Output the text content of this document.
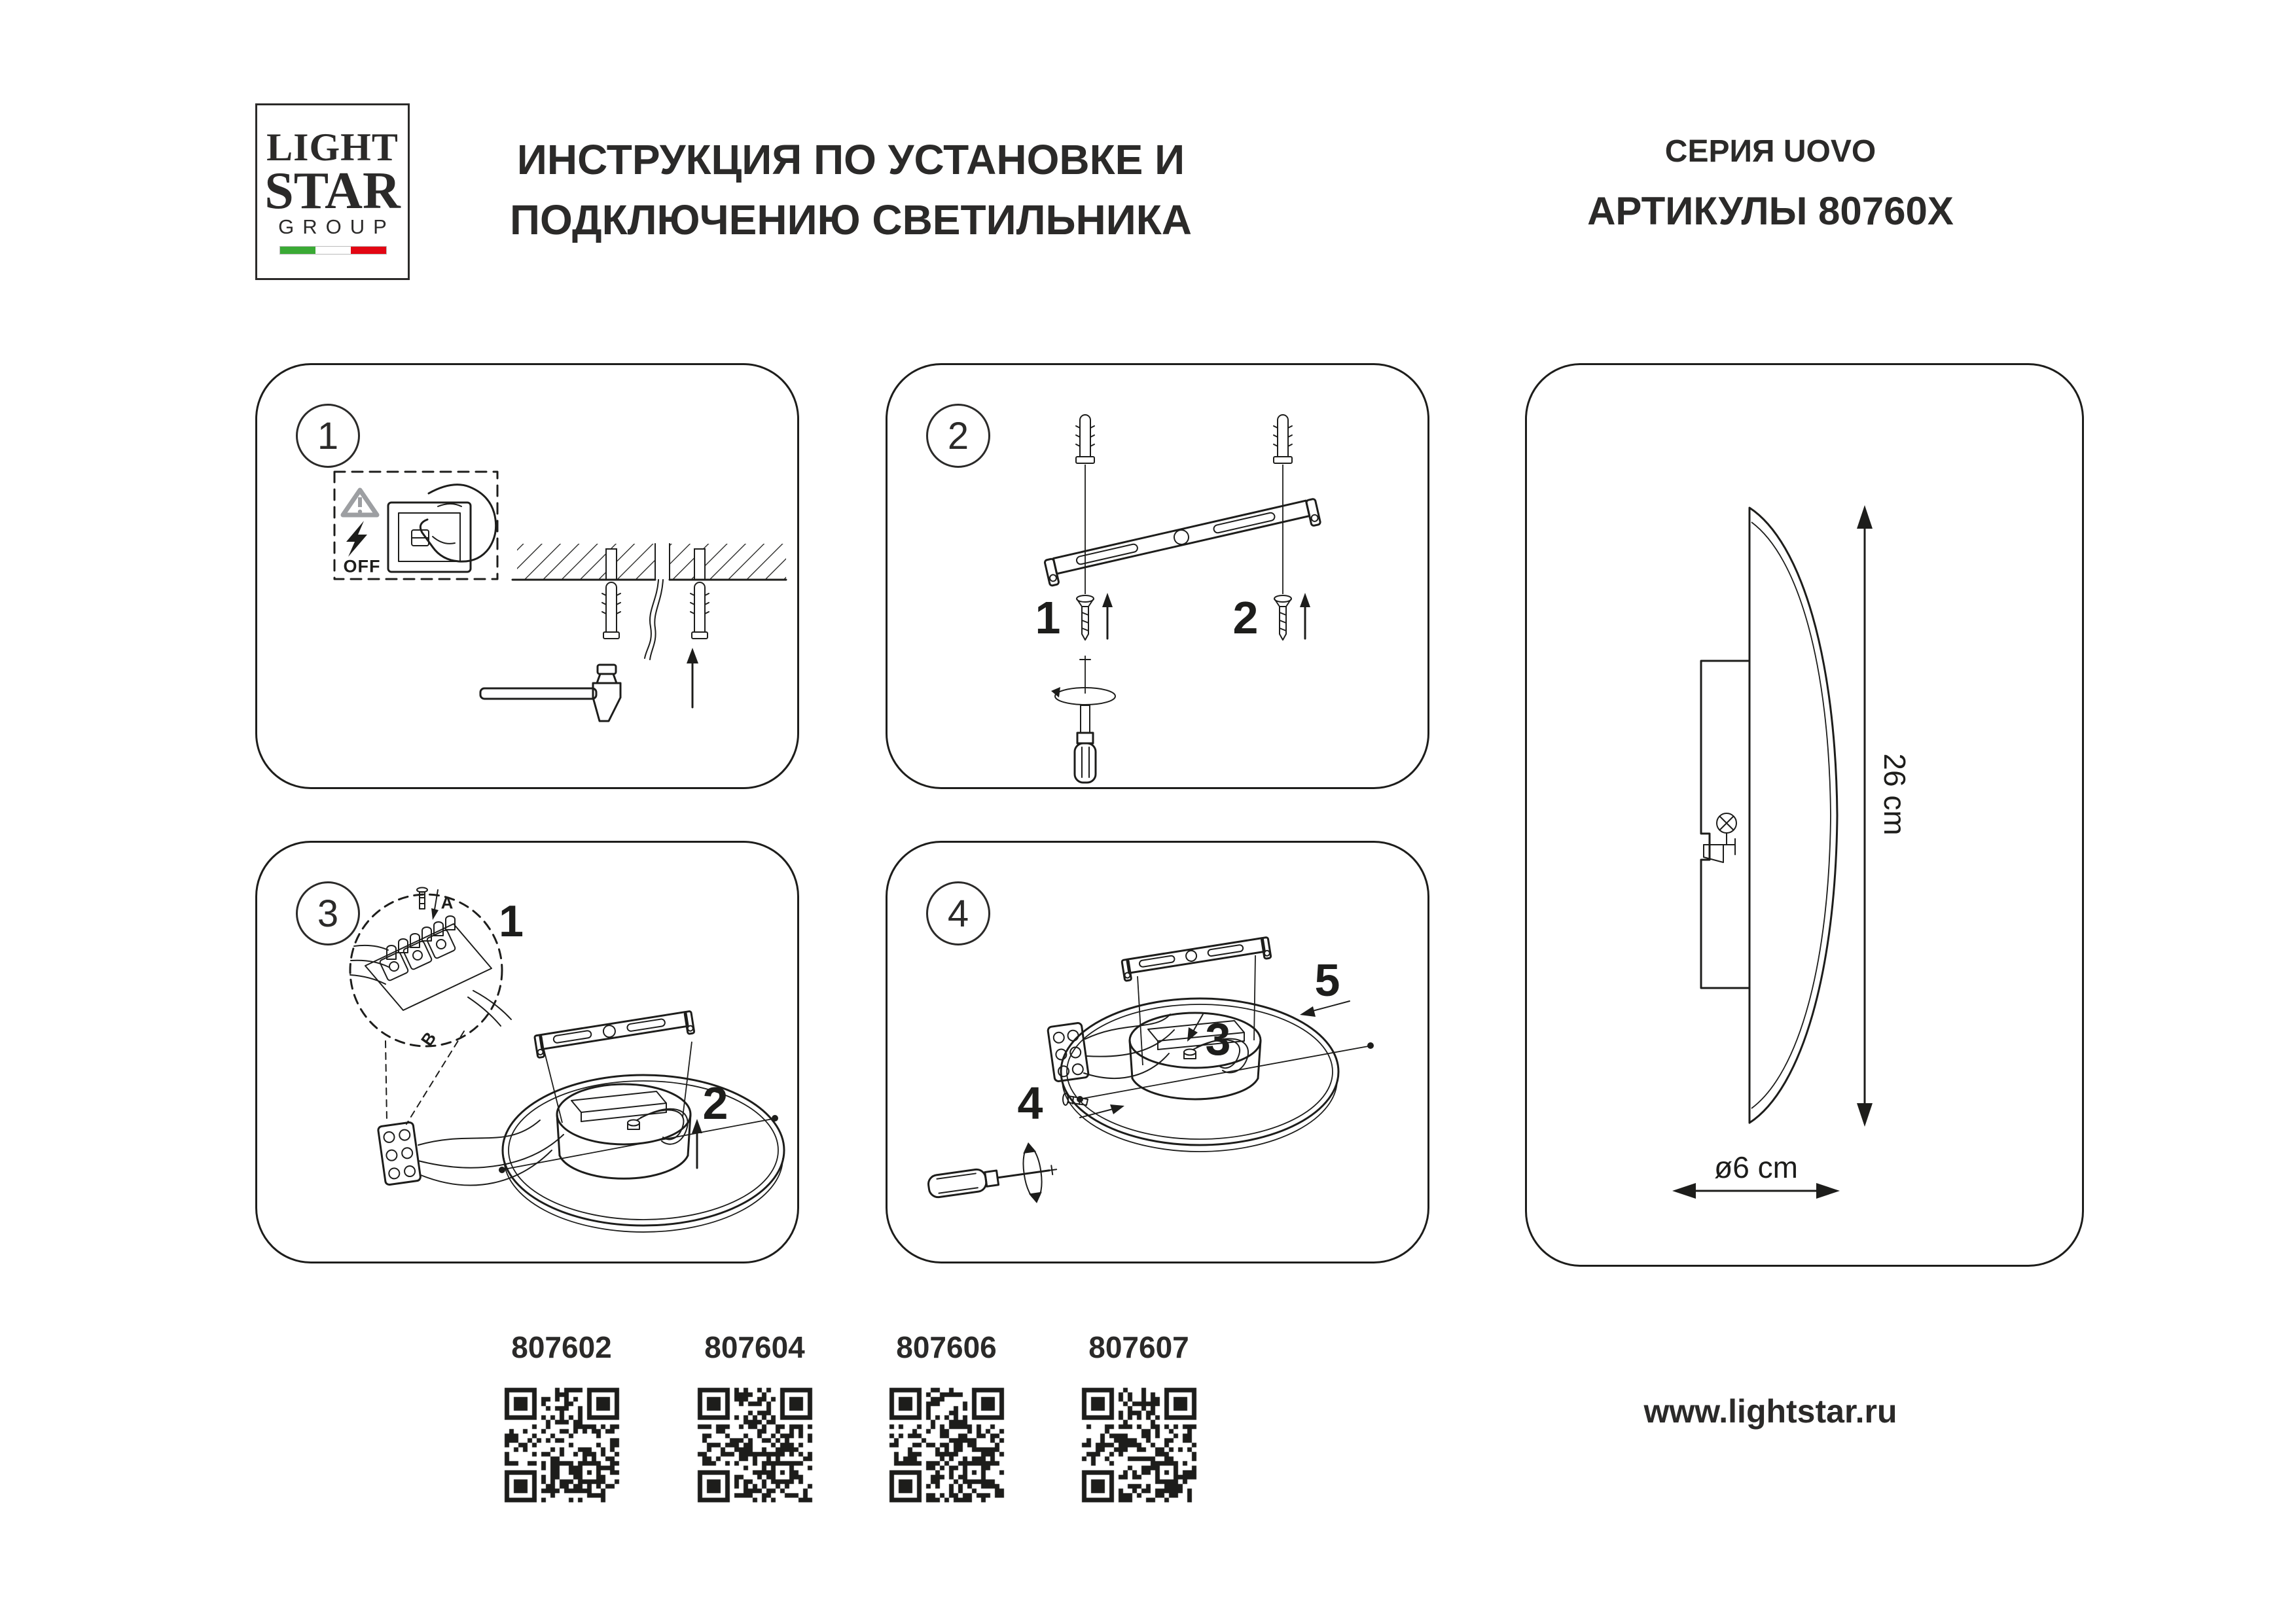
LIGHT
STAR
GROUP
ИНСТРУКЦИЯ ПО УСТАНОВКЕ И
ПОДКЛЮЧЕНИЮ СВЕТИЛЬНИКА
СЕРИЯ UOVO
АРТИКУЛЫ 80760X
1
OFF
2
1	2
3	1
2
A
B
4
4
3
5
26 cm
ø6 cm
807602	807604	807606	807607
www.lightstar.ru
